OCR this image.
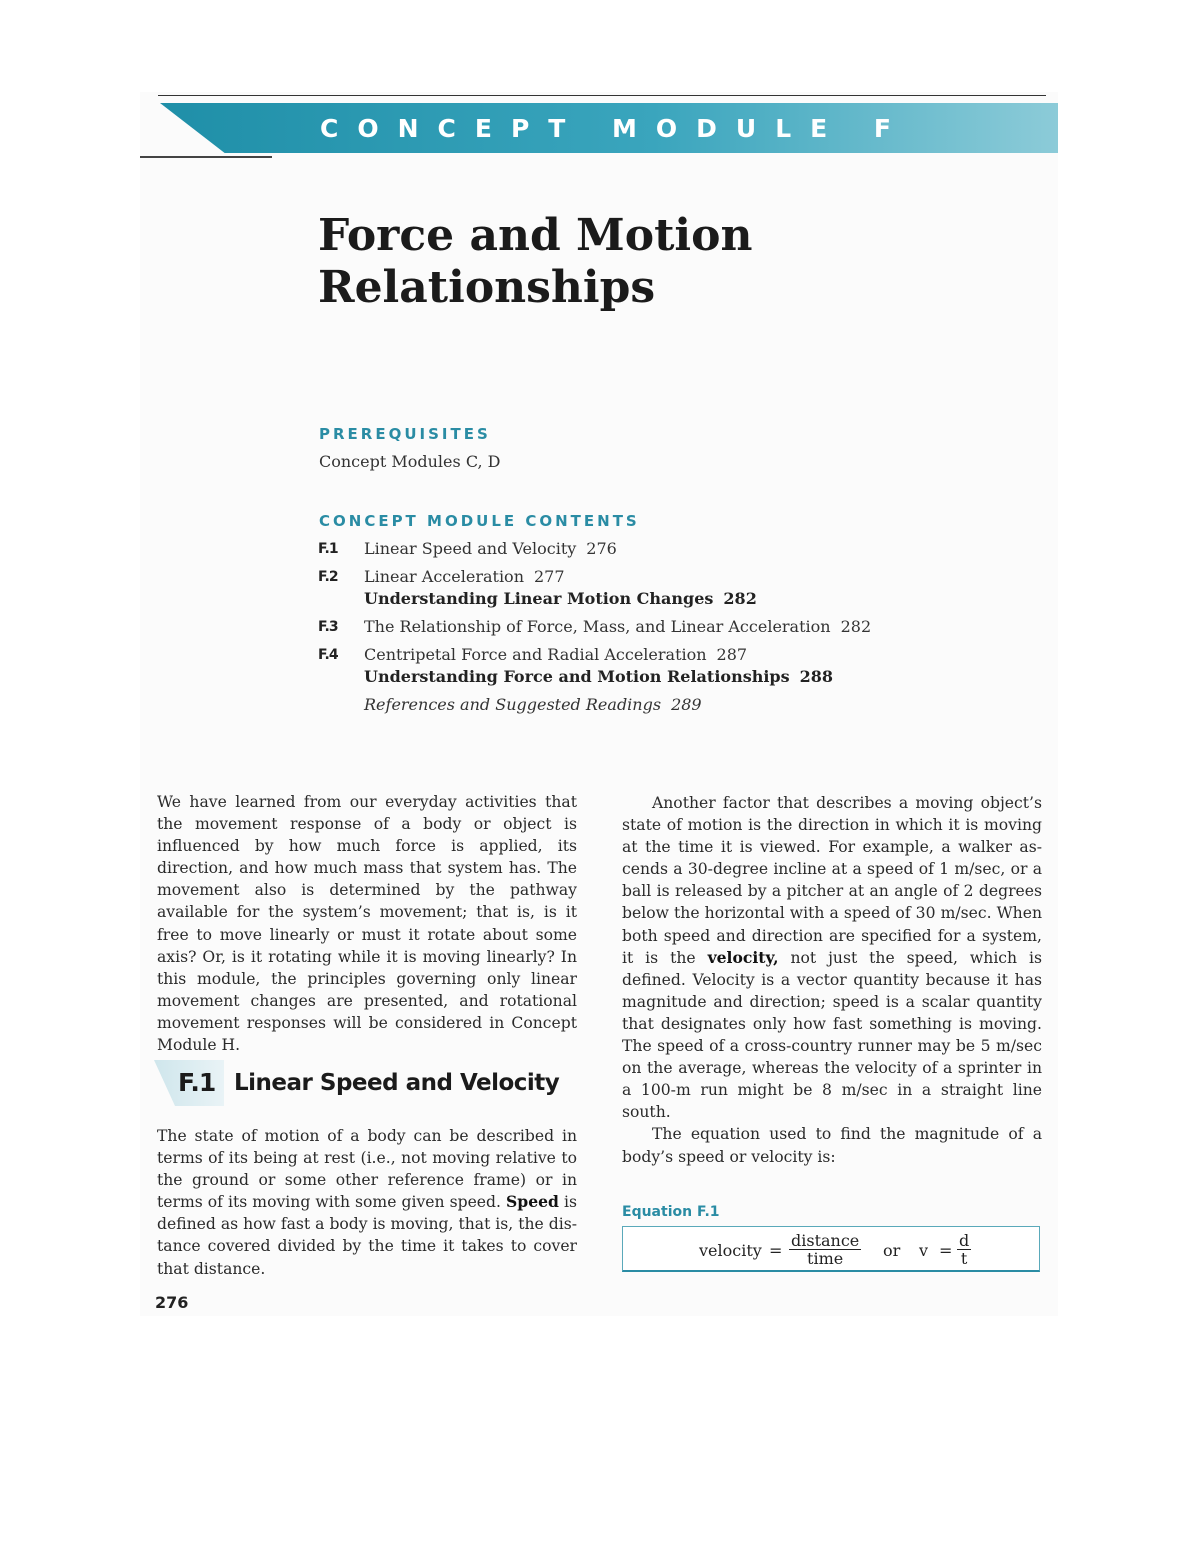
CONCEPT MODULE F
Force and Motion
Relationships
PREREQUISITES
Concept Modules C, D
CONCEPT MODULE CONTENTS
F.1 Linear Speed and Velocity 276
F.2 Linear Acceleration 277
Understanding Linear Motion Changes 282
F.3 The Relationship of Force, Mass, and Linear Acceleration 282
F.4 Centripetal Force and Radial Acceleration 287
Understanding Force and Motion Relationships 288
References and Suggested Readings 289

We have learned from our everyday activities that the movement response of a body or object is influenced by how much force is applied, its direction, and how much mass that system has. The movement also is determined by the pathway available for the system’s movement; that is, is it free to move linearly or must it rotate about some axis? Or, is it rotating while it is moving linearly? In this module, the principles governing only linear movement changes are presented, and rotational movement responses will be considered in Concept Module H.

F.1 Linear Speed and Velocity

The state of motion of a body can be described in terms of its being at rest (i.e., not moving relative to the ground or some other reference frame) or in terms of its moving with some given speed. Speed is defined as how fast a body is moving, that is, the distance covered divided by the time it takes to cover that distance.

Another factor that describes a moving object’s state of motion is the direction in which it is moving at the time it is viewed. For example, a walker ascends a 30-degree incline at a speed of 1 m/sec, or a ball is released by a pitcher at an angle of 2 degrees below the horizontal with a speed of 30 m/sec. When both speed and direction are specified for a system, it is the velocity, not just the speed, which is defined. Velocity is a vector quantity because it has magnitude and direction; speed is a scalar quantity that designates only how fast something is moving. The speed of a cross-country runner may be 5 m/sec on the average, whereas the velocity of a sprinter in a 100-m run might be 8 m/sec in a straight line south.

The equation used to find the magnitude of a body’s speed or velocity is:

Equation F.1
velocity =
distance
time	or $v = \frac{d}{t}$
276
